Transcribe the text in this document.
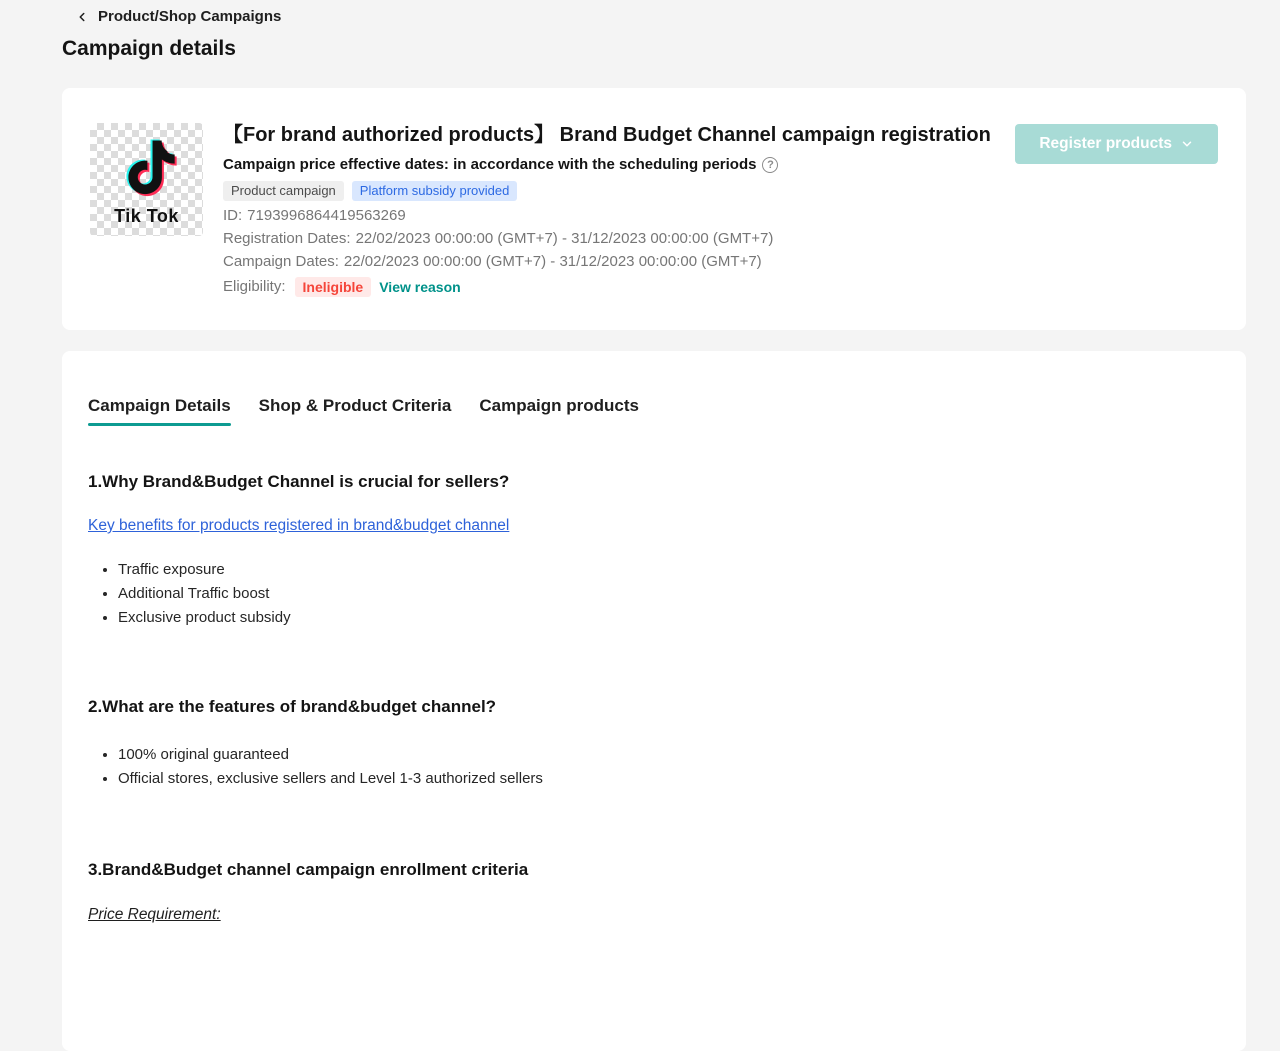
Product/Shop Campaigns
Campaign details
Tik Tok
【For brand authorized products】 Brand Budget Channel campaign registration
Campaign price effective dates: in accordance with the scheduling periods ?
Product campaign	Platform subsidy provided
ID: 7193996864419563269
Registration Dates: 22/02/2023 00:00:00 (GMT+7) - 31/12/2023 00:00:00 (GMT+7)
Campaign Dates: 22/02/2023 00:00:00 (GMT+7) - 31/12/2023 00:00:00 (GMT+7)
Eligibility:	Ineligible	View reason
Register products
Campaign Details Shop & Product Criteria Campaign products
1.Why Brand&Budget Channel is crucial for sellers?
Key benefits for products registered in brand&budget channel
• Traffic exposure
• Additional Traffic boost
• Exclusive product subsidy
2.What are the features of brand&budget channel?
• 100% original guaranteed
• Official stores, exclusive sellers and Level 1-3 authorized sellers
3.Brand&Budget channel campaign enrollment criteria
Price Requirement:
